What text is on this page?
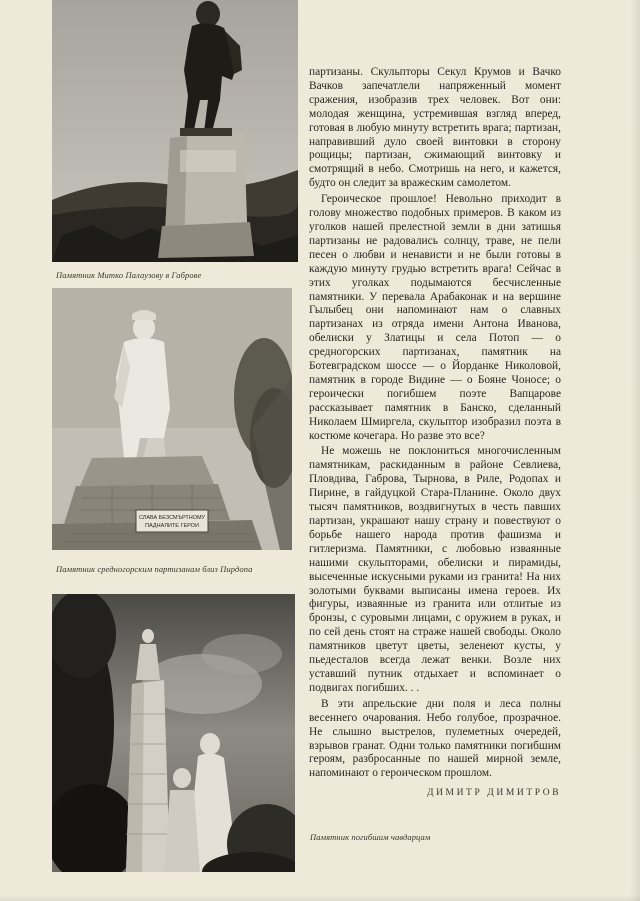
Памятник Митко Палаузову в Габрове
СЛАВА БЕЗСМЪРТНОМУ
ПАДНАЛИТЕ ГЕРОИ
Памятник средногорским партизанам близ Пирдопа
Памятник погибшим чавдарцам

партизаны. Скульпторы Секул Крумов и Вачко Вачков запечатлели напряженный момент сражения, изобразив трех человек. Вот они: молодая женщина, устремившая взгляд вперед, готовая в любую минуту встретить врага; партизан, направивший дуло своей винтовки в сторону рощицы; партизан, сжимающий винтовку и смотрящий в небо. Смотришь на него, и кажется, будто он следит за вражеским самолетом.

Героическое прошлое! Невольно приходит в голову множество подобных примеров. В каком из уголков нашей прелестной земли в дни затишья партизаны не радовались солнцу, траве, не пели песен о любви и ненависти и не были готовы в каждую минуту грудью встретить врага! Сейчас в этих уголках подымаются бесчисленные памятники. У перевала Арабаконак и на вершине Гылыбец они напоминают нам о славных партизанах из отряда имени Антона Иванова, обелиски у Златицы и села Потоп — о средногорских партизанах, памятник на Ботевградском шоссе — о Йорданке Николовой, памятник в городе Видине — о Бояне Чоносе; о героически погибшем поэте Вапцарове рассказывает памятник в Банско, сделанный Николаем Шмиргела, скульптор изобразил поэта в костюме кочегара. Но разве это все?

Не можешь не поклониться многочисленным памятникам, раскиданным в районе Севлиева, Пловдива, Габрова, Тырнова, в Риле, Родопах и Пирине, в гайдуцкой Стара-Планине. Около двух тысяч памятников, воздвигнутых в честь павших партизан, украшают нашу страну и повествуют о борьбе нашего народа против фашизма и гитлеризма. Памятники, с любовью изваянные нашими скульпторами, обелиски и пирамиды, высеченные искусными руками из гранита! На них золотыми буквами выписаны имена героев. Их фигуры, изваянные из гранита или отлитые из бронзы, с суровыми лицами, с оружием в руках, и по сей день стоят на страже нашей свободы. Около памятников цветут цветы, зеленеют кусты, у пьедесталов всегда лежат венки. Возле них уставший путник отдыхает и вспоминает о подвигах погибших. . .

В эти апрельские дни поля и леса полны весеннего очарования. Небо голубое, прозрачное. Не слышно выстрелов, пулеметных очередей, взрывов гранат. Одни только памятники погибшим героям, разбросанные по нашей мирной земле, напоминают о героическом прошлом.

ДИМИТР ДИМИТРОВ
